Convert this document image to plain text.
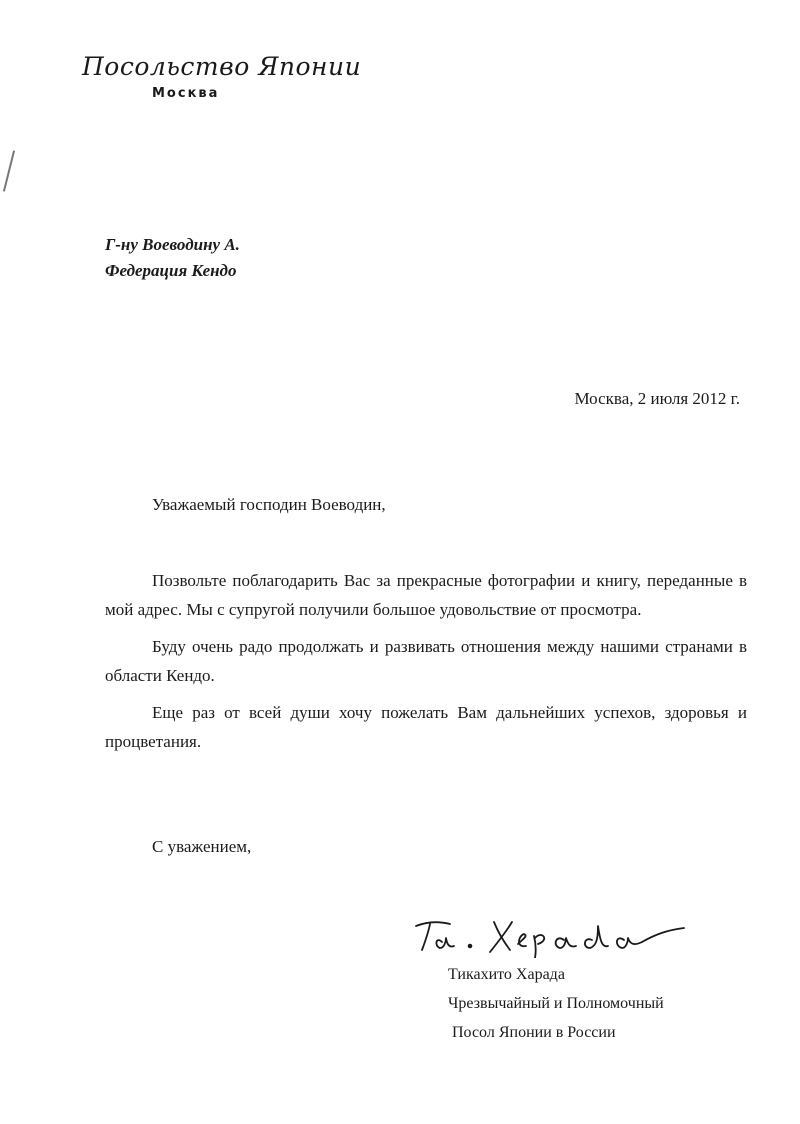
Посольство Японии
Москва
Г-ну Воеводину А.
Федерация Кендо
Москва, 2 июля 2012 г.
Уважаемый господин Воеводин,

Позвольте поблагодарить Вас за прекрасные фотографии и книгу, переданные в мой адрес. Мы с супругой получили большое удовольствие от просмотра.

Буду очень радо продолжать и развивать отношения между нашими странами в области Кендо.

Еще раз от всей души хочу пожелать Вам дальнейших успехов, здоровья и процветания.

С уважением,
Тикахито Харада
Чрезвычайный и Полномочный
Посол Японии в России
